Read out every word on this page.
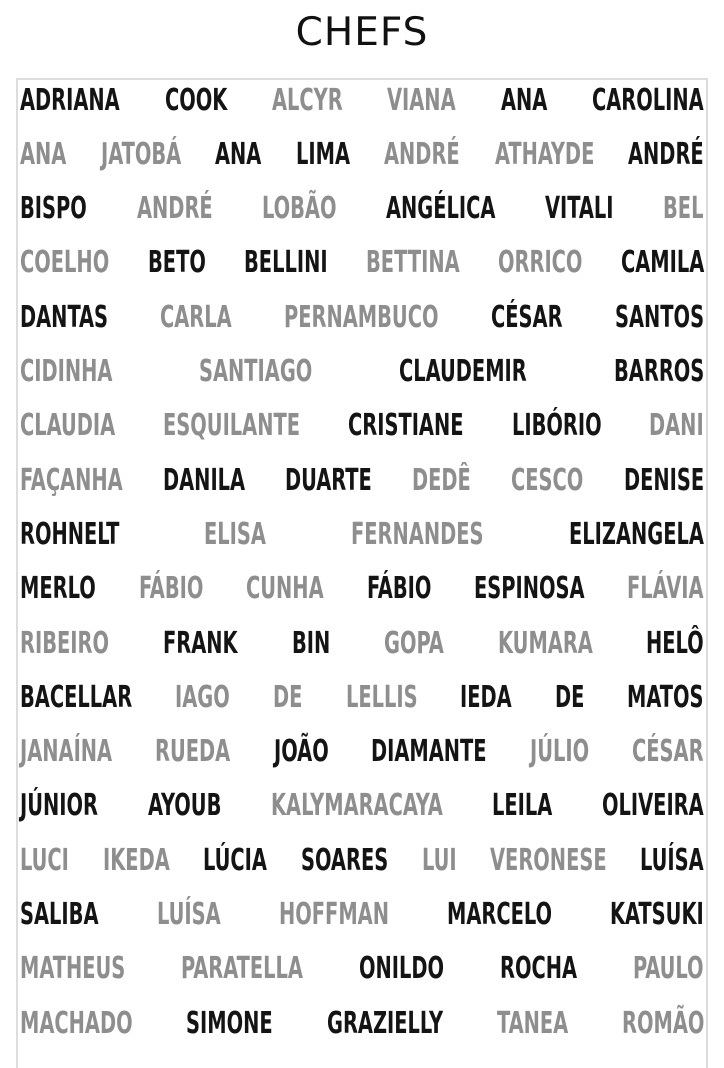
CHEFS
ADRIANA COOK ALCYR VIANA ANA CAROLINA
ANA JATOBÁ ANA LIMA ANDRÉ ATHAYDE ANDRÉ
BISPO ANDRÉ LOBÃO ANGÉLICA VITALI BEL
COELHO BETO BELLINI BETTINA ORRICO CAMILA
DANTAS CARLA PERNAMBUCO CÉSAR SANTOS
CIDINHA	SANTIAGO	CLAUDEMIR	BARROS
CLAUDIA ESQUILANTE CRISTIANE LIBÓRIO DANI
FAÇANHA DANILA DUARTE DEDÊ CESCO DENISE
ROHNELT	ELISA	FERNANDES	ELIZANGELA
MERLO FÁBIO CUNHA FÁBIO ESPINOSA FLÁVIA
RIBEIRO FRANK BIN GOPA KUMARA HELÔ
BACELLAR IAGO DE LELLIS IEDA DE MATOS
JANAÍNA RUEDA JOÃO DIAMANTE JÚLIO CÉSAR
JÚNIOR AYOUB KALYMARACAYA LEILA OLIVEIRA
LUCI IKEDA LÚCIA SOARES LUI VERONESE LUÍSA
SALIBA LUÍSA HOFFMAN MARCELO KATSUKI
MATHEUS PARATELLA ONILDO ROCHA PAULO
MACHADO SIMONE GRAZIELLY TANEA ROMÃO
